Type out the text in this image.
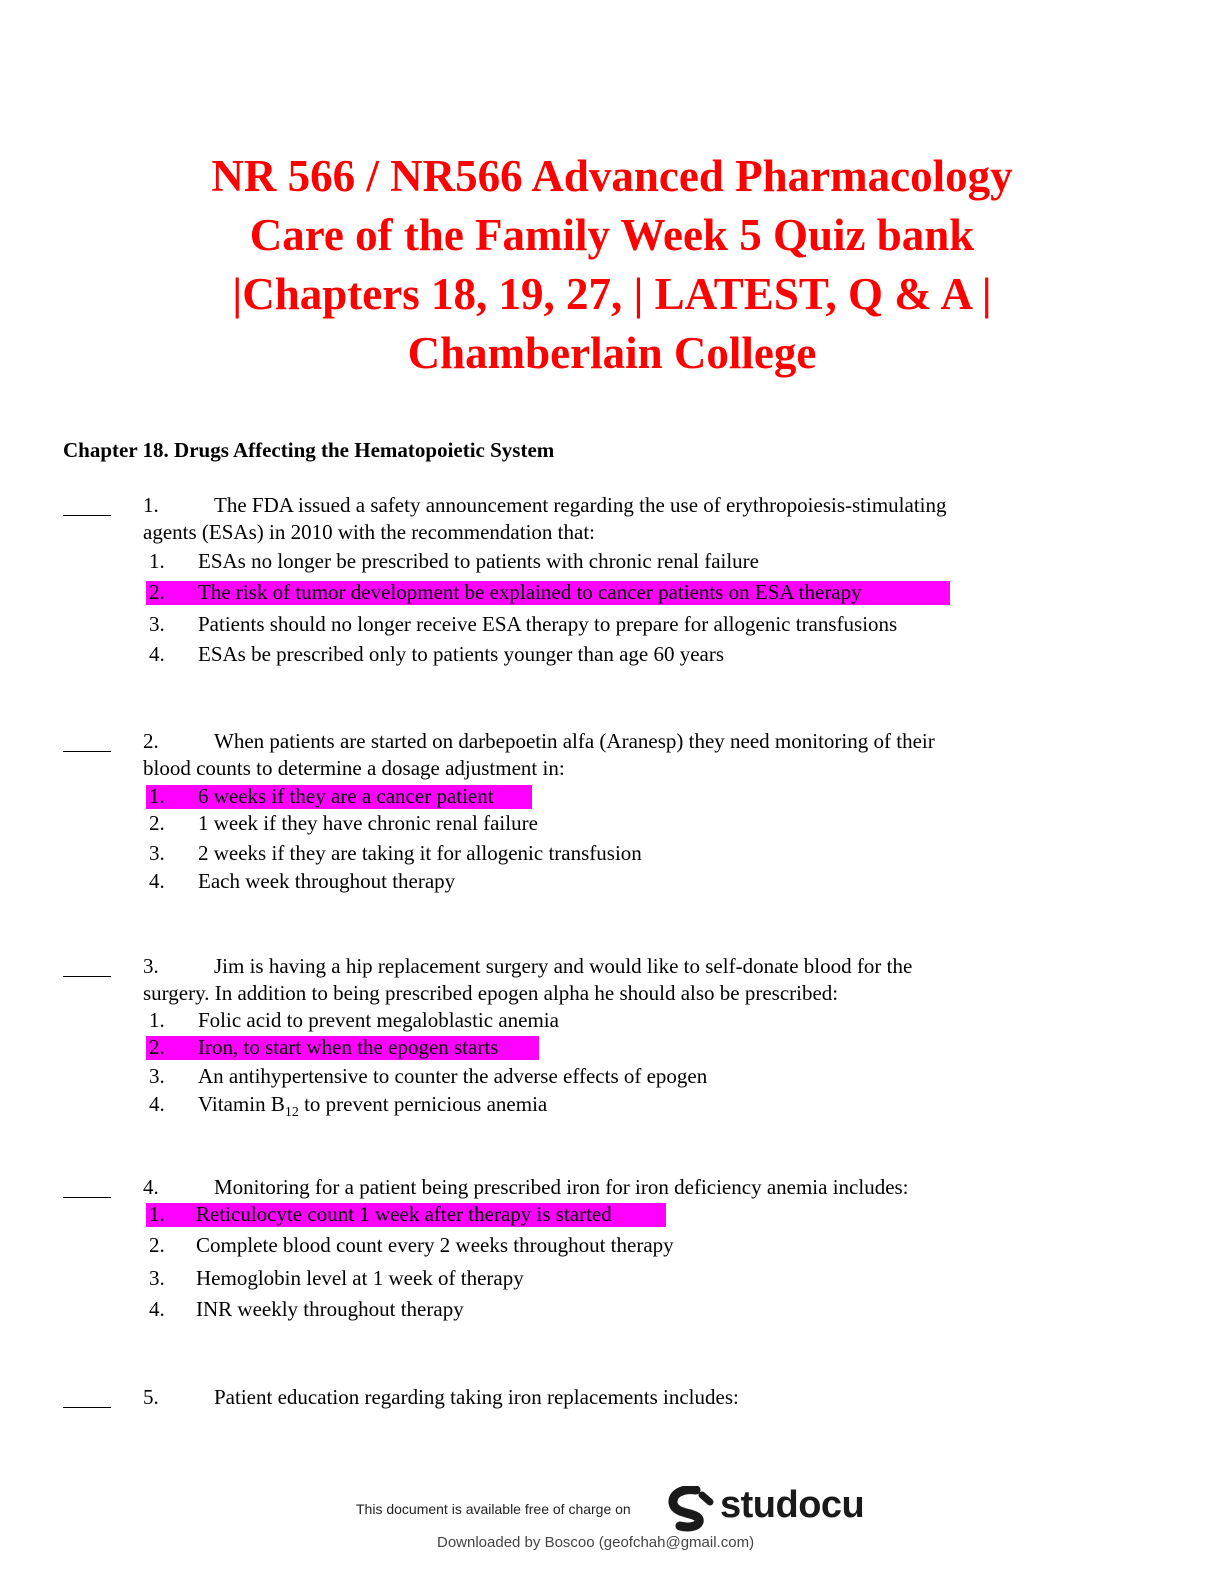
NR 566 / NR566 Advanced Pharmacology
Care of the Family Week 5 Quiz bank
|Chapters 18, 19, 27, | LATEST, Q & A |
Chamberlain College
Chapter 18. Drugs Affecting the Hematopoietic System
1.	The FDA issued a safety announcement regarding the use of erythropoiesis-stimulating
agents (ESAs) in 2010 with the recommendation that:
1. ESAs no longer be prescribed to patients with chronic renal failure
2. The risk of tumor development be explained to cancer patients on ESA therapy
3. Patients should no longer receive ESA therapy to prepare for allogenic transfusions
4. ESAs be prescribed only to patients younger than age 60 years
2.	When patients are started on darbepoetin alfa (Aranesp) they need monitoring of their
blood counts to determine a dosage adjustment in:
1. 6 weeks if they are a cancer patient
2. 1 week if they have chronic renal failure
3. 2 weeks if they are taking it for allogenic transfusion
4. Each week throughout therapy
3.	Jim is having a hip replacement surgery and would like to self-donate blood for the
surgery. In addition to being prescribed epogen alpha he should also be prescribed:
1. Folic acid to prevent megaloblastic anemia
2. Iron, to start when the epogen starts
3. An antihypertensive to counter the adverse effects of epogen
4. Vitamin $B_{12}$ to prevent pernicious anemia
4.	Monitoring for a patient being prescribed iron for iron deficiency anemia includes:
1. Reticulocyte count 1 week after therapy is started
2. Complete blood count every 2 weeks throughout therapy
3. Hemoglobin level at 1 week of therapy
4. INR weekly throughout therapy
5.	Patient education regarding taking iron replacements includes:
This document is available free of charge on studocu
Downloaded by Boscoo (geofchah@gmail.com)
